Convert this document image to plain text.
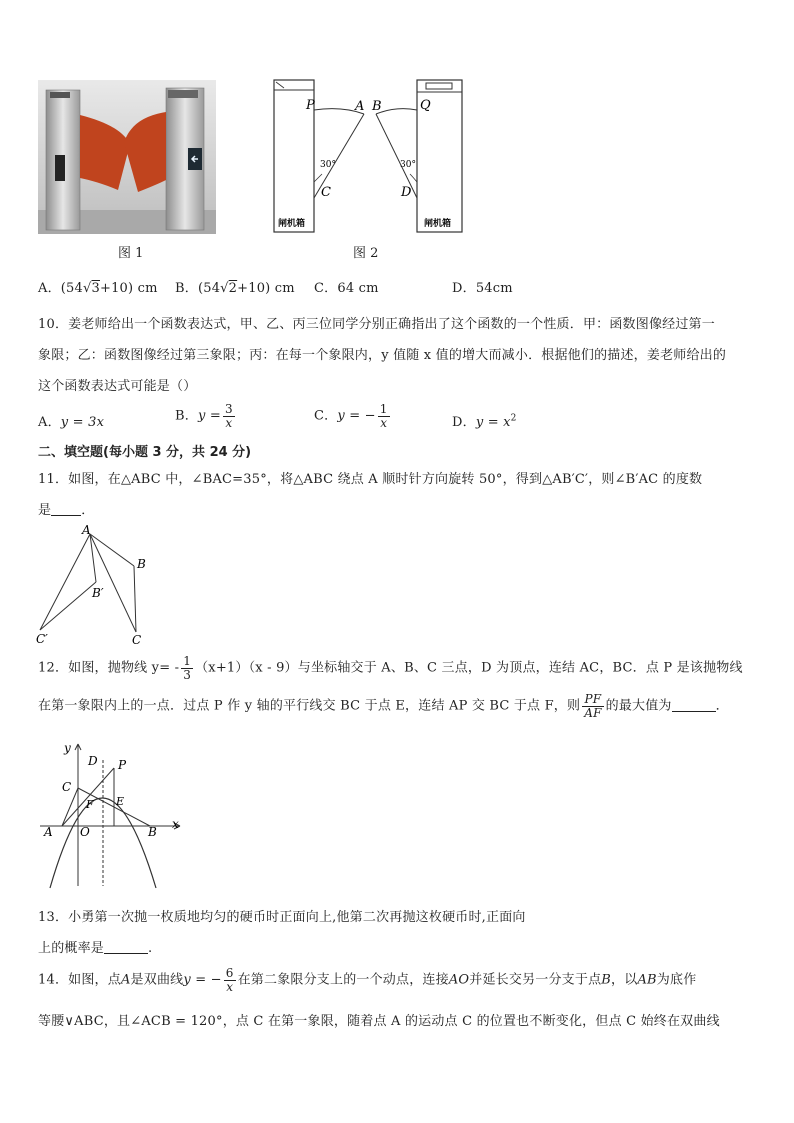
图 1
P	A B	Q
30°	30°
C	D
闸机箱	闸机箱
图 2
A．(54√3+10) cm B．(54√2+10) cm C．64 cm	D．54cm
10．姜老师给出一个函数表达式，甲、乙、丙三位同学分别正确指出了这个函数的一个性质．甲：函数图像经过第一
象限；乙：函数图像经过第三象限；丙：在每一个象限内，y 值随 x 值的增大而减小．根据他们的描述，姜老师给出的
这个函数表达式可能是（）
A．y = 3x	B．$y = \frac{3}{x}$	C．y = − $\frac{1}{x}$	D．$y = x^2$
二、填空题(每小题 3 分，共 24 分)
11．如图，在△ABC 中，∠BAC=35°，将△ABC 绕点 A 顺时针方向旋转 50°，得到△AB′C′，则∠B′AC 的度数
是 ．
A
B
B′
C′	C
12．如图，抛物线 $y= - \frac{1}{3} (x+1)(x - 9)$与坐标轴交于 A、B、C 三点，D 为顶点，连结 AC，BC．点 P 是该抛物线
在第一象限内上的一点．过点 P 作 y 轴的平行线交 BC 于点 E，连结 AP 交 BC 于点 F，则 $\frac{PF}{AF}$ 的最大值为	．
y
x
D P
C
F E
A O	B
13．小勇第一次抛一枚质地均匀的硬币时正面向上,他第二次再抛这枚硬币时,正面向
上的概率是	.
14．如图，点A是双曲线y = − $\frac{6}{x}$ 在第二象限分支上的一个动点，连接AO并延长交另一分支于点B，以AB为底作
等腰∨ABC，且∠ACB = 120°，点 C 在第一象限，随着点 A 的运动点 C 的位置也不断变化，但点 C 始终在双曲线
